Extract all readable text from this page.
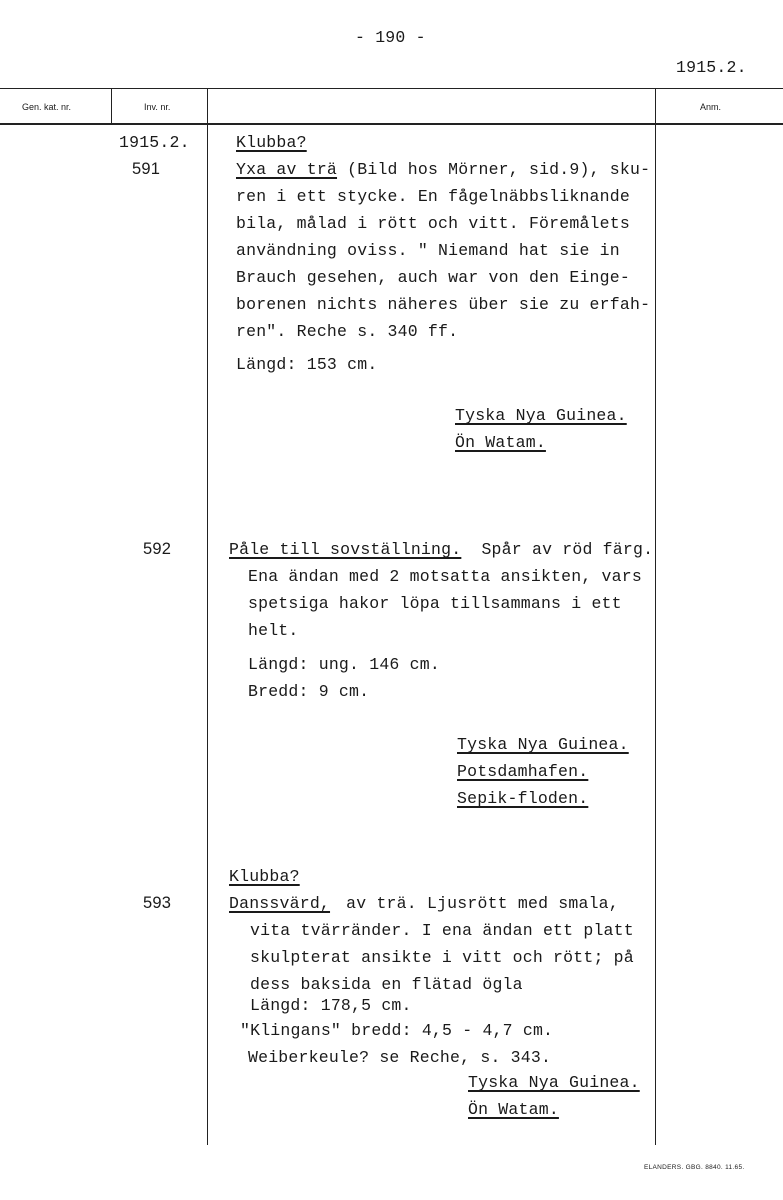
- 190 -
1915.2.
Gen. kat. nr.	Inv. nr.	Anm.
1915.2.
591
Klubba?
Yxa av trä (Bild hos Mörner, sid.9), sku-
ren i ett stycke. En fågelnäbbsliknande
bila, målad i rött och vitt. Föremålets
användning oviss. " Niemand hat sie in
Brauch gesehen, auch war von den Einge-
borenen nichts näheres über sie zu erfah-
ren". Reche s. 340 ff.
Längd: 153 cm.
Tyska Nya Guinea.
Ön Watam.
592	Påle till sovställning. Spår av röd färg.
Ena ändan med 2 motsatta ansikten, vars
spetsiga hakor löpa tillsammans i ett
helt.
Längd: ung. 146 cm.
Bredd: 9 cm.
Tyska Nya Guinea.
Potsdamhafen.
Sepik-floden.
Klubba?
593	Danssvärd, av trä. Ljusrött med smala,
vita tvärränder. I ena ändan ett platt
skulpterat ansikte i vitt och rött; på
dess baksida en flätad ögla
Längd: 178,5 cm.
"Klingans" bredd: 4,5 - 4,7 cm.
Weiberkeule? se Reche, s. 343.
Tyska Nya Guinea.
Ön Watam.
ELANDERS. GBG. 8840. 11.65.
